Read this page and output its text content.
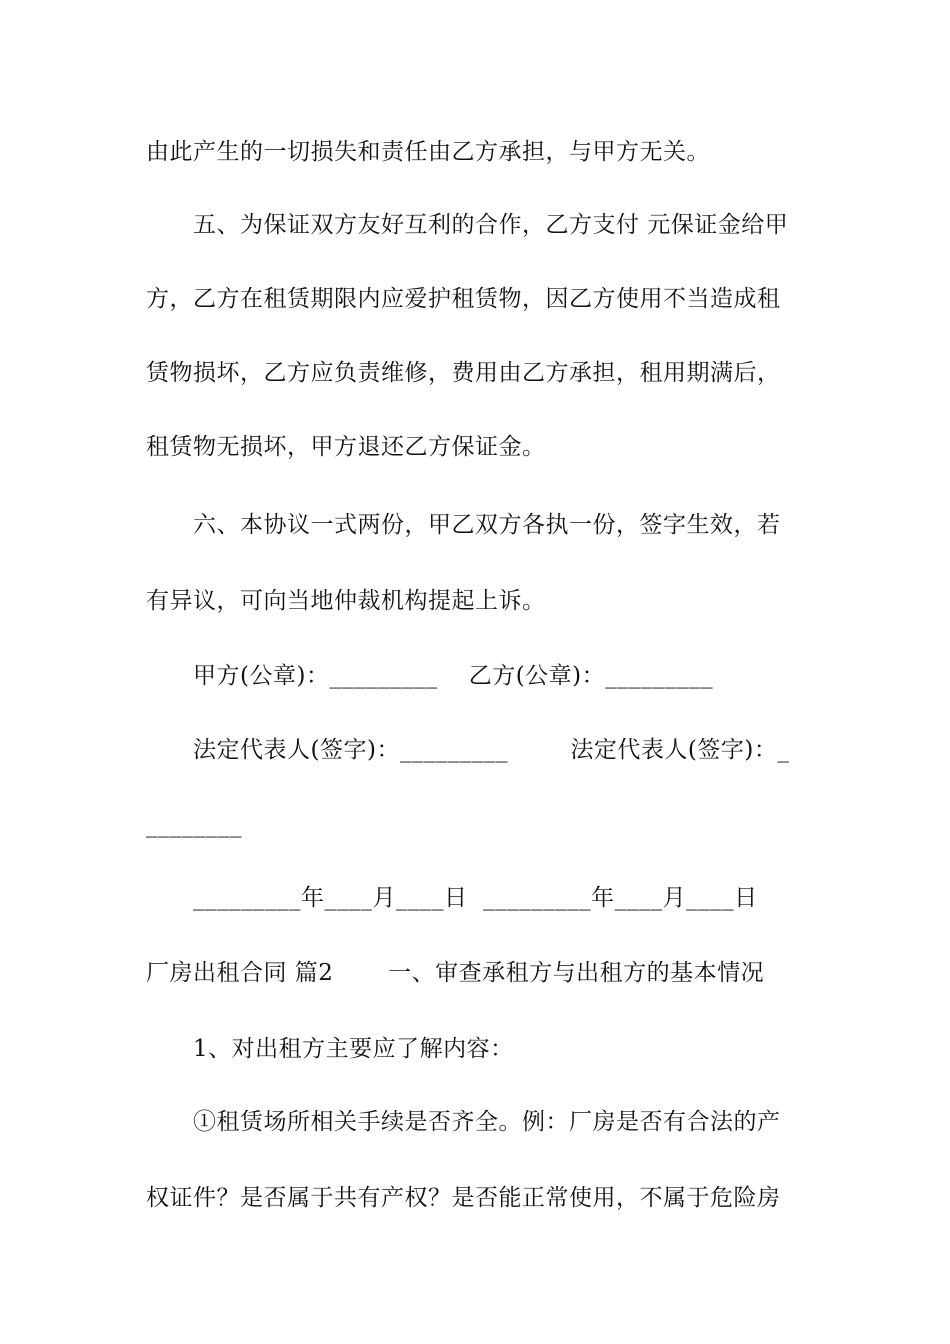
由此产生的一切损失和责任由乙方承担，与甲方无关。
五、为保证双方友好互利的合作，乙方支付 元保证金给甲
方，乙方在租赁期限内应爱护租赁物，因乙方使用不当造成租
赁物损坏，乙方应负责维修，费用由乙方承担，租用期满后，
租赁物无损坏，甲方退还乙方保证金。
六、本协议一式两份，甲乙双方各执一份，签字生效，若
有异议，可向当地仲裁机构提起上诉。
甲方(公章)：_________    乙方(公章)：_________
法定代表人(签字)：_________        法定代表人(签字)：_
________
_________年____月____日  _________年____月____日
厂房出租合同 篇2       一、审查承租方与出租方的基本情况
1、对出租方主要应了解内容：
①租赁场所相关手续是否齐全。例：厂房是否有合法的产
权证件？是否属于共有产权？是否能正常使用，不属于危险房
